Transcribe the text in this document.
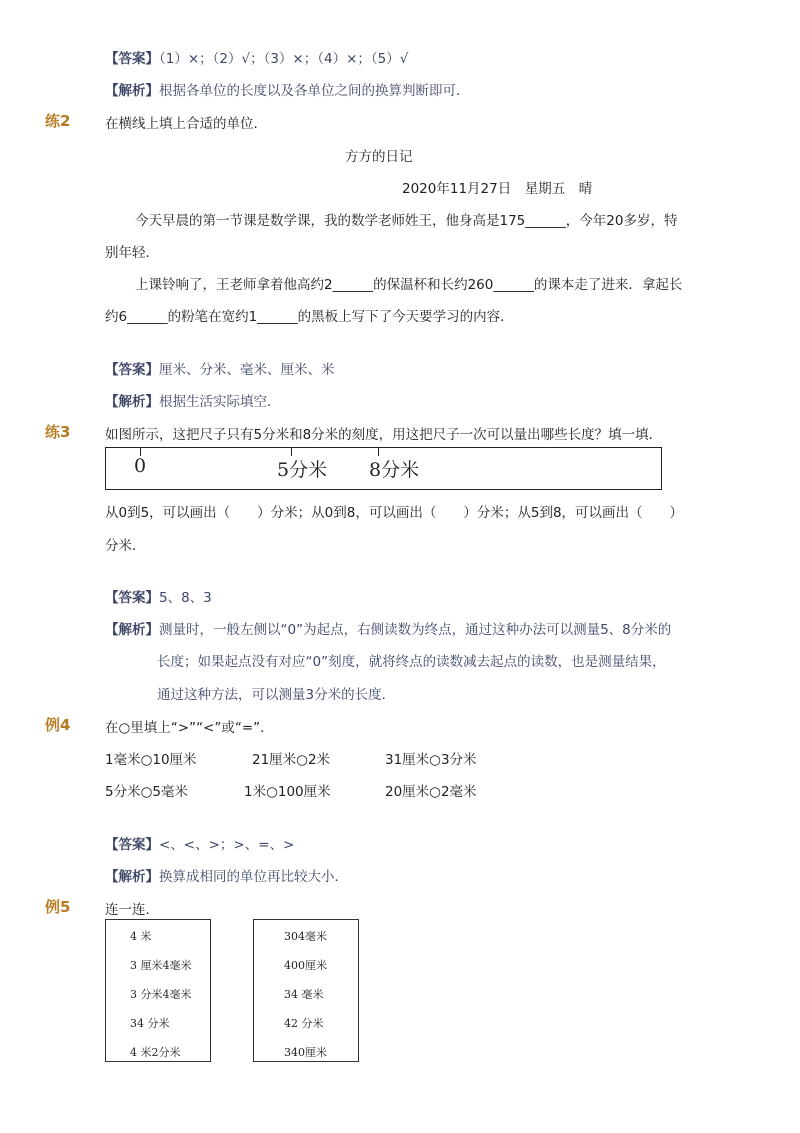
【答案】（1）×；（2）√；（3）×；（4）×；（5）√
【解析】根据各单位的长度以及各单位之间的换算判断即可．
练2	在横线上填上合适的单位．
方方的日记
2020年11月27日　星期五　晴
今天早晨的第一节课是数学课，我的数学老师姓王，他身高是175______，今年20多岁，特
别年轻．
上课铃响了，王老师拿着他高约2______的保温杯和长约260______的课本走了进来．拿起长
约6______的粉笔在宽约1______的黑板上写下了今天要学习的内容．
【答案】厘米、分米、毫米、厘米、米
【解析】根据生活实际填空．
练3	如图所示，这把尺子只有5分米和8分米的刻度，用这把尺子一次可以量出哪些长度？填一填．
0	5分米 8分米
从0到5，可以画出（　　）分米；从0到8，可以画出（　　）分米；从5到8，可以画出（　　）
分米．
【答案】5、8、3
【解析】测量时，一般左侧以“0”为起点，右侧读数为终点，通过这种办法可以测量5、8分米的
长度；如果起点没有对应“0”刻度，就将终点的读数减去起点的读数，也是测量结果，
通过这种方法，可以测量3分米的长度．
例4	在○里填上“>”“<”或“=”．
1毫米○10厘米	21厘米○2米	31厘米○3分米
5分米○5毫米	1米○100厘米	20厘米○2毫米
【答案】<、<、>；>、=、>
【解析】换算成相同的单位再比较大小．
例5	连一连．
4 米
3 厘米4毫米
3 分米4毫米
34 分米
4 米2分米
304毫米
400厘米
34 毫米
42 分米
340厘米
